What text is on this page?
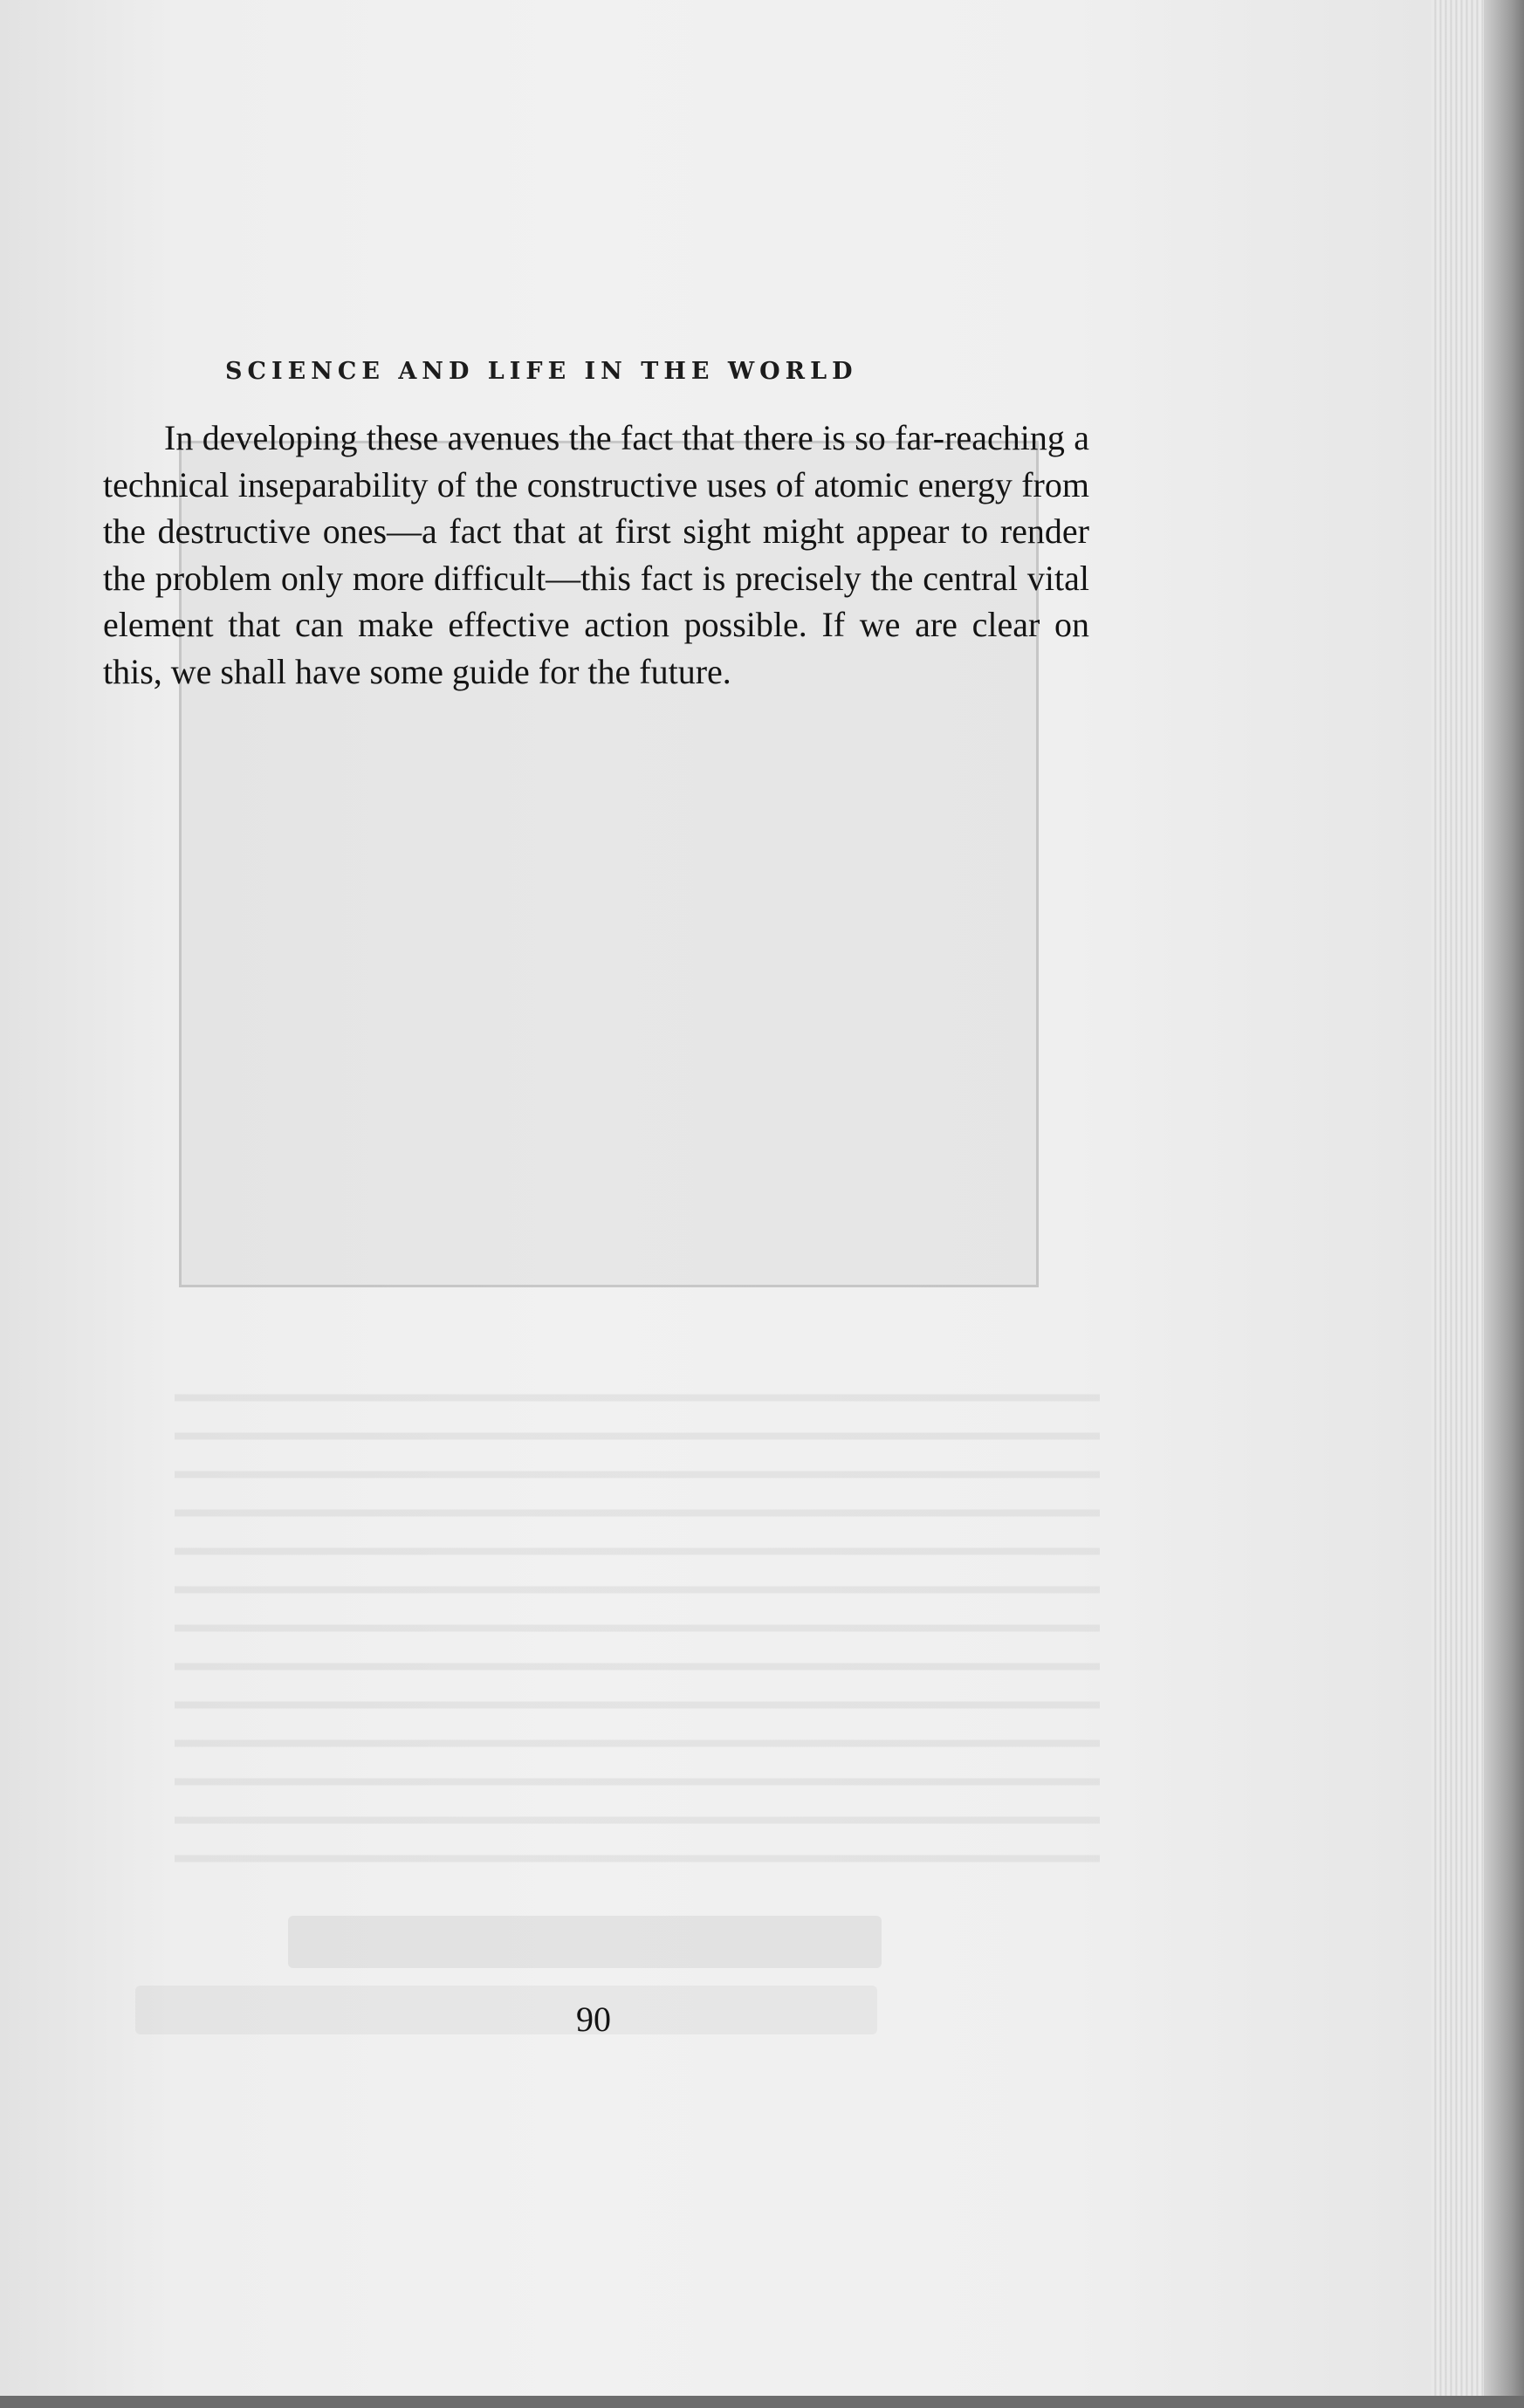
SCIENCE AND LIFE IN THE WORLD

In developing these avenues the fact that there is so far-reaching a technical inseparability of the constructive uses of atomic energy from the destructive ones—a fact that at first sight might appear to render the problem only more difficult—this fact is precisely the central vital element that can make effective action possible. If we are clear on this, we shall have some guide for the future.

90
